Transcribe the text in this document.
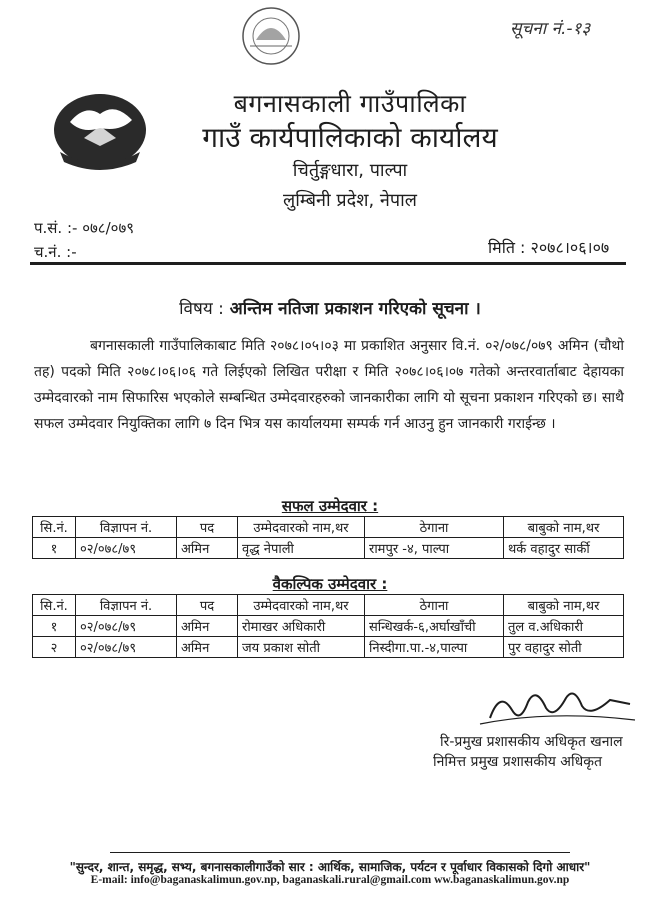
सूचना नं.-१३
बगनासकाली गाउँपालिका
गाउँ कार्यपालिकाको कार्यालय
चिर्तुङ्गधारा, पाल्पा
लुम्बिनी प्रदेश, नेपाल
प.सं. :- ०७८/०७९
च.नं. :-	मिति : २०७८।०६।०७
विषय : अन्तिम नतिजा प्रकाशन गरिएको सूचना ।
बगनासकाली गाउँपालिकाबाट मिति २०७८।०५।०३ मा प्रकाशित अनुसार वि.नं. ०२/०७८/०७९ अमिन (चौथो तह) पदको मिति २०७८।०६।०६ गते लिईएको लिखित परीक्षा र मिति २०७८।०६।०७ गतेको अन्तरवार्ताबाट देहायका उम्मेदवारको नाम सिफारिस भएकोले सम्बन्धित उम्मेदवारहरुको जानकारीका लागि यो सूचना प्रकाशन गरिएको छ। साथै सफल उम्मेदवार नियुक्तिका लागि ७ दिन भित्र यस कार्यालयमा सम्पर्क गर्न आउनु हुन जानकारी गराईन्छ ।
सफल उम्मेदवार :
सि.नं.	विज्ञापन नं.	पद	उम्मेदवारको नाम,थर	ठेगाना	बाबुको नाम,थर
१	०२/०७८/७९	अमिन	वृद्ध नेपाली	रामपुर -४, पाल्पा	थर्क वहादुर सार्की
वैकल्पिक उम्मेदवार :
सि.नं.	विज्ञापन नं.	पद	उम्मेदवारको नाम,थर	ठेगाना	बाबुको नाम,थर
१	०२/०७८/७९	अमिन	रोमाखर अधिकारी	सन्धिखर्क-६,अर्घाखाँची	तुल व.अधिकारी
२	०२/०७८/७९	अमिन	जय प्रकाश सोती	निस्दीगा.पा.-४,पाल्पा	पुर वहादुर सोती
रि-प्रमुख प्रशासकीय अधिकृत खनाल
निमित्त प्रमुख प्रशासकीय अधिकृत
"सुन्दर, शान्त, समृद्ध, सभ्य, बगनासकालीगाउँको सार : आर्थिक, सामाजिक, पर्यटन र पूर्वाधार विकासको दिगो आधार"
E-mail: info@baganaskalimun.gov.np, baganaskali.rural@gmail.com ww.baganaskalimun.gov.np
